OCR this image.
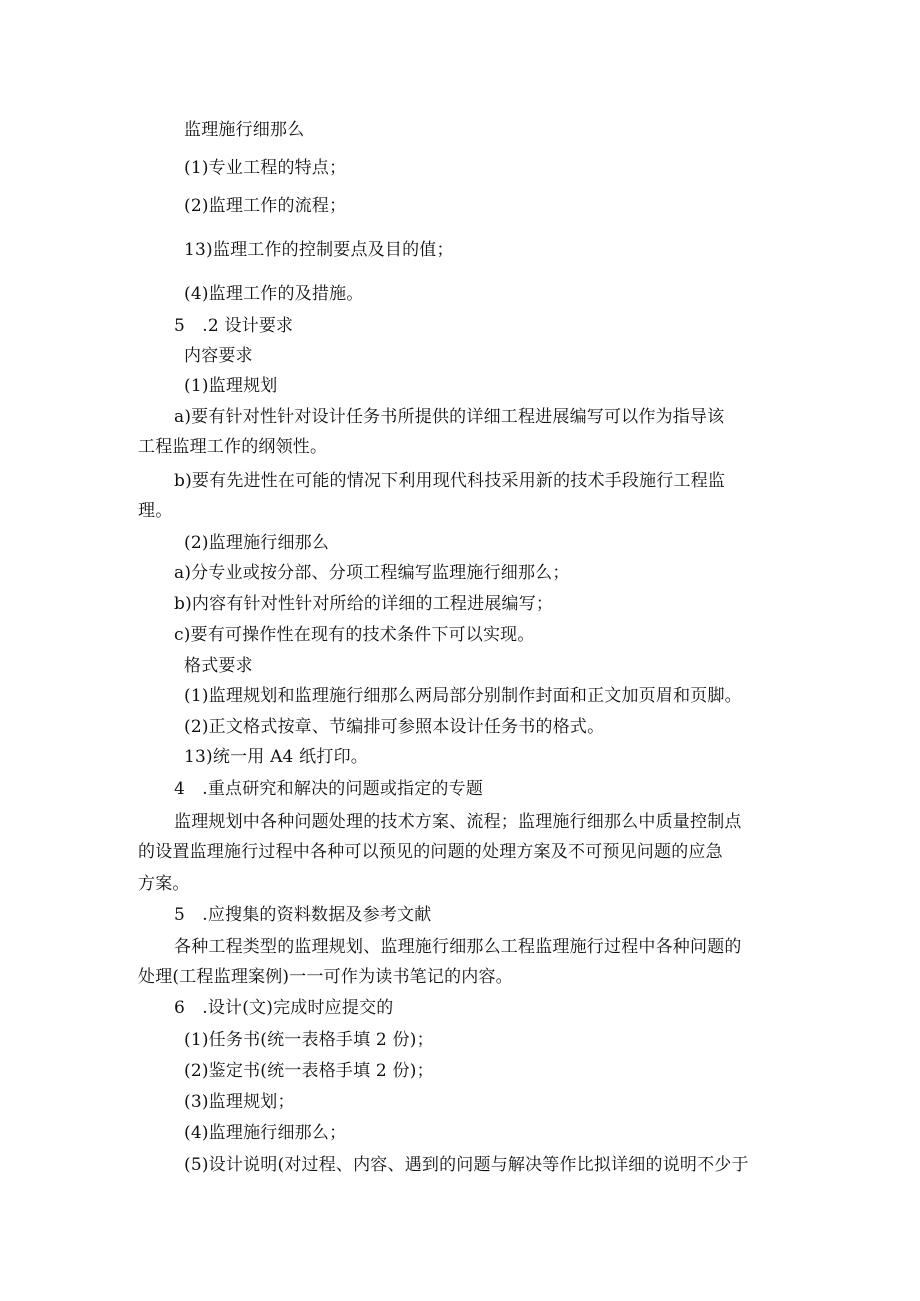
监理施行细那么
(1)专业工程的特点；
(2)监理工作的流程；
13)监理工作的控制要点及目的值；
(4)监理工作的及措施。
5　.2 设计要求
内容要求
(1)监理规划
a)要有针对性针对设计任务书所提供的详细工程进展编写可以作为指导该
工程监理工作的纲领性。
b)要有先进性在可能的情况下利用现代科技采用新的技术手段施行工程监
理。
(2)监理施行细那么
a)分专业或按分部、分项工程编写监理施行细那么；
b)内容有针对性针对所给的详细的工程进展编写；
c)要有可操作性在现有的技术条件下可以实现。
格式要求
(1)监理规划和监理施行细那么两局部分别制作封面和正文加页眉和页脚。
(2)正文格式按章、节编排可参照本设计任务书的格式。
13)统一用 A4 纸打印。
4　.重点研究和解决的问题或指定的专题
监理规划中各种问题处理的技术方案、流程；监理施行细那么中质量控制点
的设置监理施行过程中各种可以预见的问题的处理方案及不可预见问题的应急
方案。
5　.应搜集的资料数据及参考文献
各种工程类型的监理规划、监理施行细那么工程监理施行过程中各种问题的
处理(工程监理案例)一一可作为读书笔记的内容。
6　.设计(文)完成时应提交的
(1)任务书(统一表格手填 2 份)；
(2)鉴定书(统一表格手填 2 份)；
(3)监理规划；
(4)监理施行细那么；
(5)设计说明(对过程、内容、遇到的问题与解决等作比拟详细的说明不少于
